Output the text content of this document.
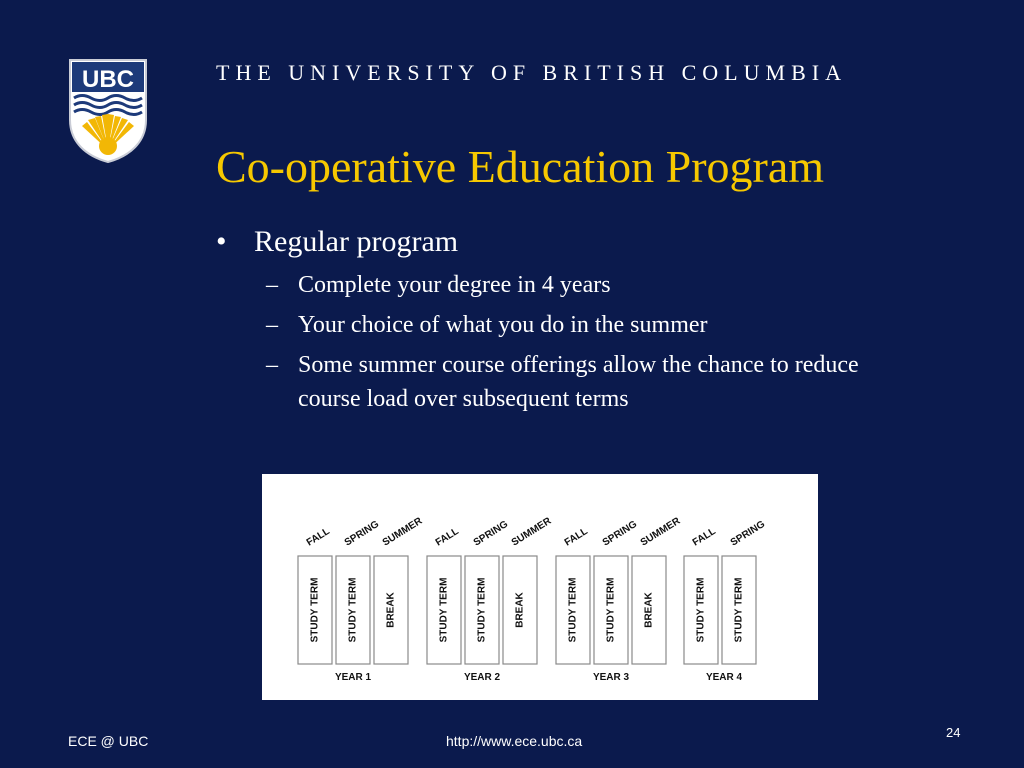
UBC	THE UNIVERSITY OF BRITISH COLUMBIA
Co-operative Education Program
• Regular program
– Complete your degree in 4 years
– Your choice of what you do in the summer
– Some summer course offerings allow the chance to reduce course load over subsequent terms
STUDY TERM
FALL
STUDY TERM
SPRING
BREAK
SUMMER
YEAR 1
STUDY TERM
FALL
STUDY TERM
SPRING
BREAK
SUMMER
YEAR 2
STUDY TERM
FALL
STUDY TERM
SPRING
BREAK
SUMMER
YEAR 3
STUDY TERM
FALL
STUDY TERM
SPRING
YEAR 4
ECE @ UBC	http://www.ece.ubc.ca
24
